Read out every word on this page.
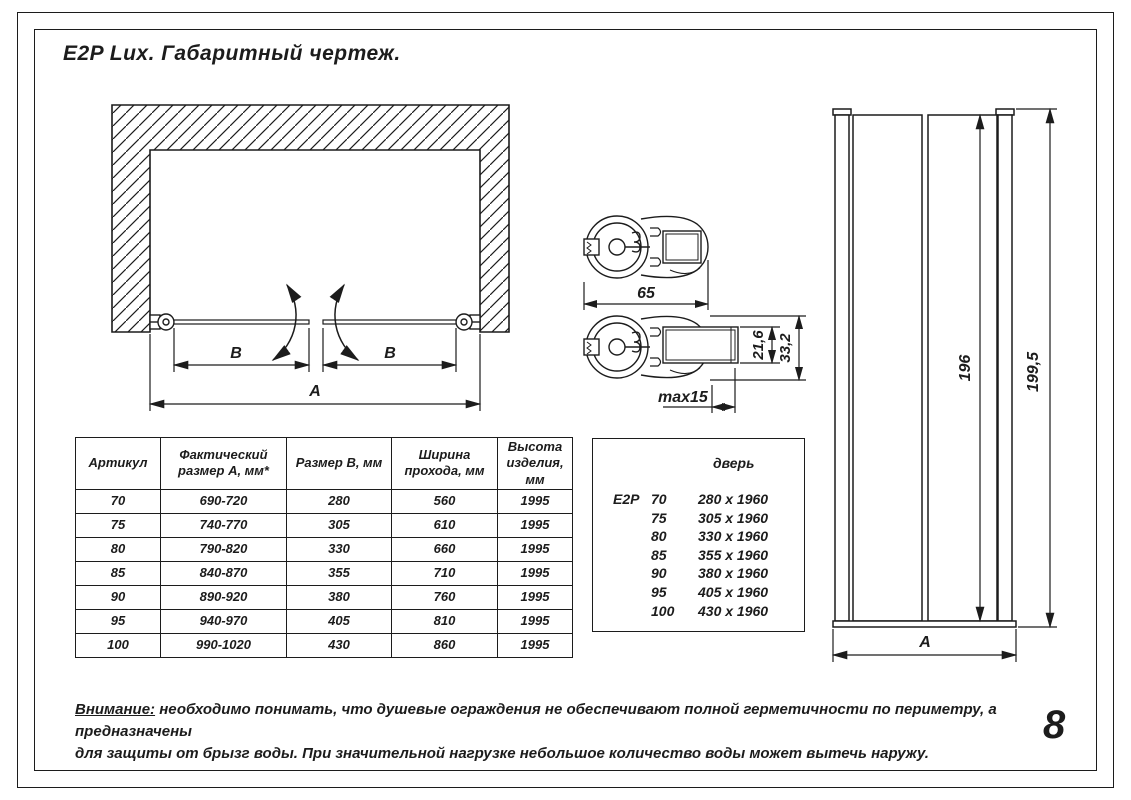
E2P Lux. Габаритный чертеж.
B	B
A
65
21,6 33,2
max15
196	199,5
A
Артикул	Фактический размер А, мм*	Размер В, мм	Ширина прохода, мм	Высота изделия, мм
70	690-720	280	560	1995
75	740-770	305	610	1995
80	790-820	330	660	1995
85	840-870	355	710	1995
90	890-920	380	760	1995
95	940-970	405	810	1995
100	990-1020	430	860	1995
дверь
E2P 70	280 x 1960
75	305 x 1960
80	330 x 1960
85	355 x 1960
90	380 x 1960
95	405 x 1960
100	430 x 1960
Внимание: необходимо понимать, что душевые ограждения не обеспечивают полной герметичности по периметру, а предназначены
для защиты от брызг воды. При значительной нагрузке небольшое количество воды может вытечь наружу.
8
